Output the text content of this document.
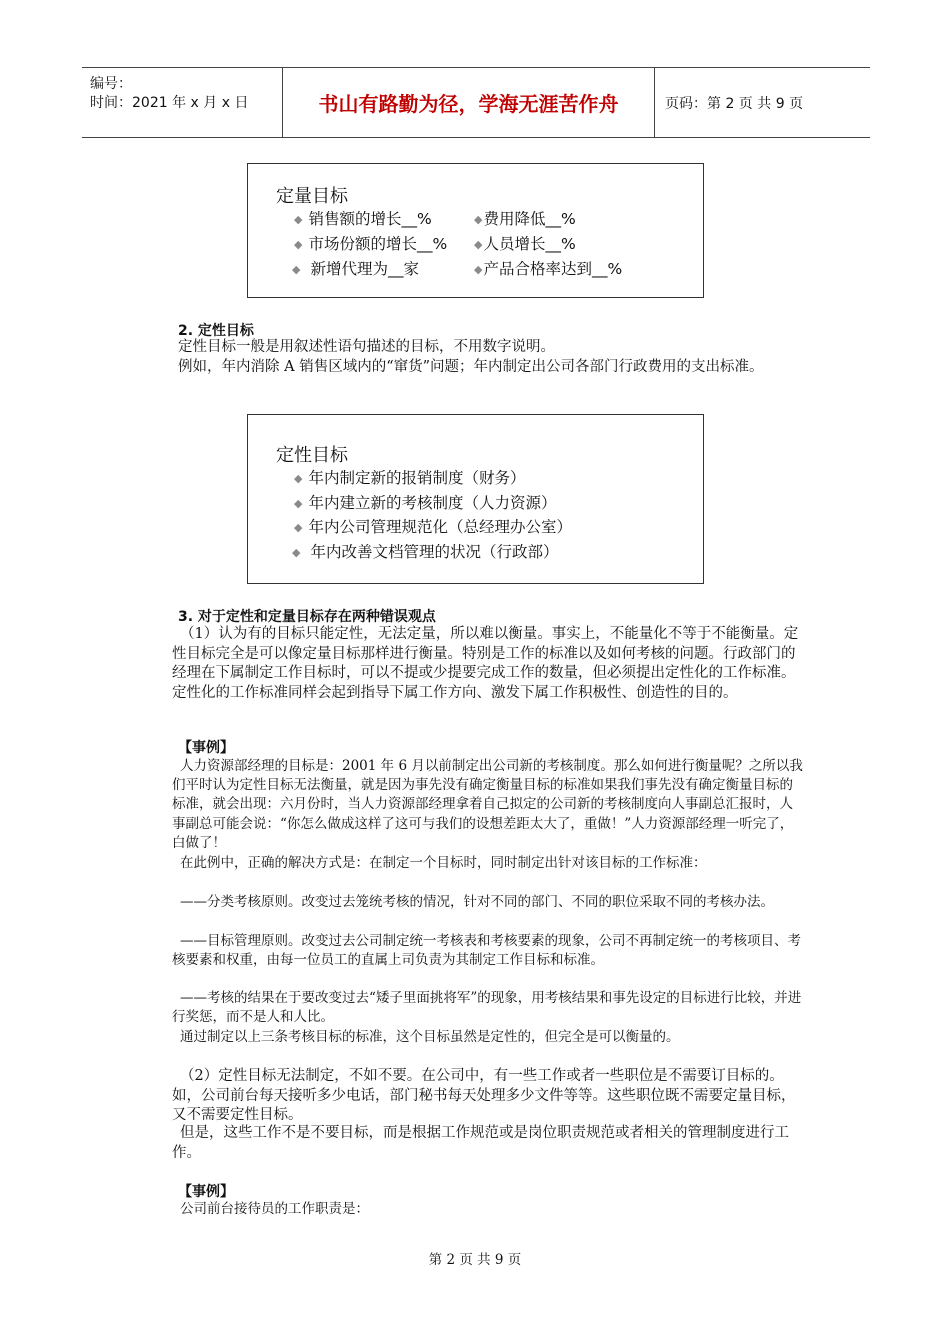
编号：
时间：2021 年 x 月 x 日	书山有路勤为径，学海无涯苦作舟	页码：第 2 页 共 9 页
定量目标
◆ 销售额的增长__%	◆费用降低__%
◆ 市场份额的增长__% ◆人员增长__%
◆ 新增代理为__家	◆产品合格率达到__%
2. 定性目标

定性目标一般是用叙述性语句描述的目标，不用数字说明。

例如，年内消除 A 销售区域内的“窜货”问题；年内制定出公司各部门行政费用的支出标准。

定性目标
◆ 年内制定新的报销制度（财务）
◆ 年内建立新的考核制度（人力资源）
◆ 年内公司管理规范化（总经理办公室）
◆ 年内改善文档管理的状况（行政部）
3. 对于定性和定量目标存在两种错误观点

（1）认为有的目标只能定性，无法定量，所以难以衡量。事实上，不能量化不等于不能衡量。定性目标完全是可以像定量目标那样进行衡量。特别是工作的标准以及如何考核的问题。行政部门的经理在下属制定工作目标时，可以不提或少提要完成工作的数量，但必须提出定性化的工作标准。定性化的工作标准同样会起到指导下属工作方向、激发下属工作积极性、创造性的目的。

【事例】

人力资源部经理的目标是：2001 年 6 月以前制定出公司新的考核制度。那么如何进行衡量呢？之所以我们平时认为定性目标无法衡量，就是因为事先没有确定衡量目标的标准如果我们事先没有确定衡量目标的标准，就会出现：六月份时，当人力资源部经理拿着自己拟定的公司新的考核制度向人事副总汇报时，人事副总可能会说：“你怎么做成这样了这可与我们的设想差距太大了，重做！”人力资源部经理一听完了，白做了！

在此例中，正确的解决方式是：在制定一个目标时，同时制定出针对该目标的工作标准：

——分类考核原则。改变过去笼统考核的情况，针对不同的部门、不同的职位采取不同的考核办法。

——目标管理原则。改变过去公司制定统一考核表和考核要素的现象，公司不再制定统一的考核项目、考核要素和权重，由每一位员工的直属上司负责为其制定工作目标和标准。

——考核的结果在于要改变过去“矮子里面挑将军”的现象，用考核结果和事先设定的目标进行比较，并进行奖惩，而不是人和人比。

通过制定以上三条考核目标的标准，这个目标虽然是定性的，但完全是可以衡量的。

（2）定性目标无法制定，不如不要。在公司中，有一些工作或者一些职位是不需要订目标的。如，公司前台每天接听多少电话，部门秘书每天处理多少文件等等。这些职位既不需要定量目标，又不需要定性目标。

但是，这些工作不是不要目标，而是根据工作规范或是岗位职责规范或者相关的管理制度进行工作。

【事例】

公司前台接待员的工作职责是：

第 2 页 共 9 页
